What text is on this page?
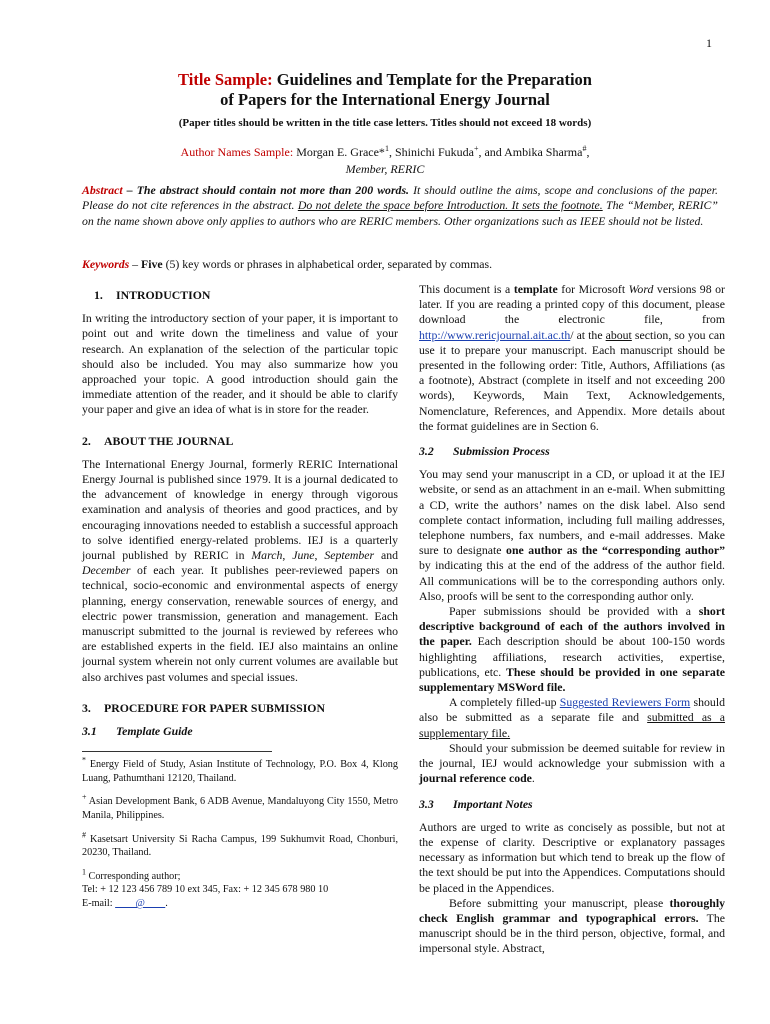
1
Title Sample: Guidelines and Template for the Preparation
of Papers for the International Energy Journal
(Paper titles should be written in the title case letters. Titles should not exceed 18 words)
Author Names Sample: Morgan E. Grace*$^1$, Shinichi Fukuda+, and Ambika Sharma#,
Member, RERIC
Abstract – The abstract should contain not more than 200 words. It should outline the aims, scope and conclusions of the paper. Please do not cite references in the abstract. Do not delete the space before Introduction. It sets the footnote. The “Member, RERIC” on the name shown above only applies to authors who are RERIC members. Other organizations such as IEEE should not be listed.
Keywords – Five (5) key words or phrases in alphabetical order, separated by commas.
1. INTRODUCTION

In writing the introductory section of your paper, it is important to point out and write down the timeliness and value of your research. An explanation of the selection of the particular topic should also be included. You may also summarize how you approached your topic. A good introduction should gain the immediate attention of the reader, and it should be able to clarify your paper and give an idea of what is in store for the reader.

2. ABOUT THE JOURNAL

The International Energy Journal, formerly RERIC International Energy Journal is published since 1979. It is a journal dedicated to the advancement of knowledge in energy through vigorous examination and analysis of theories and good practices, and by encouraging innovations needed to establish a successful approach to solve identified energy-related problems. IEJ is a quarterly journal published by RERIC in March, June, September and December of each year. It publishes peer-reviewed papers on technical, socio-economic and environmental aspects of energy planning, energy conservation, renewable sources of energy, and electric power transmission, generation and management. Each manuscript submitted to the journal is reviewed by referees who are established experts in the field. IEJ also maintains an online journal system wherein not only current volumes are available but also archives past volumes and special issues.

3. PROCEDURE FOR PAPER SUBMISSION
3.1 Template Guide

* Energy Field of Study, Asian Institute of Technology, P.O. Box 4, Klong Luang, Pathumthani 12120, Thailand.

+ Asian Development Bank, 6 ADB Avenue, Mandaluyong City 1550, Metro Manila, Philippines.

# Kasetsart University Si Racha Campus, 199 Sukhumvit Road, Chonburi, 20230, Thailand.

$^1$ Corresponding author;

Tel: + 12 123 456 789 10 ext 345, Fax: + 12 345 678 980 10

E-mail:         @        .

This document is a template for Microsoft Word versions 98 or later. If you are reading a printed copy of this document, please download the electronic file, from http://www.rericjournal.ait.ac.th/ at the about section, so you can use it to prepare your manuscript. Each manuscript should be presented in the following order: Title, Authors, Affiliations (as a footnote), Abstract (complete in itself and not exceeding 200 words), Keywords, Main Text, Acknowledgements, Nomenclature, References, and Appendix. More details about the format guidelines are in Section 6.

3.2 Submission Process

You may send your manuscript in a CD, or upload it at the IEJ website, or send as an attachment in an e-mail. When submitting a CD, write the authors’ names on the disk label. Also send complete contact information, including full mailing addresses, telephone numbers, fax numbers, and e-mail addresses. Make sure to designate one author as the “corresponding author” by indicating this at the end of the address of the author field. All communications will be to the corresponding authors only. Also, proofs will be sent to the corresponding author only.

Paper submissions should be provided with a short descriptive background of each of the authors involved in the paper. Each description should be about 100-150 words highlighting affiliations, research activities, expertise, publications, etc. These should be provided in one separate supplementary MSWord file.

A completely filled-up Suggested Reviewers Form should also be submitted as a separate file and submitted as a supplementary file.

Should your submission be deemed suitable for review in the journal, IEJ would acknowledge your submission with a journal reference code.

3.3 Important Notes

Authors are urged to write as concisely as possible, but not at the expense of clarity. Descriptive or explanatory passages necessary as information but which tend to break up the flow of the text should be put into the Appendices. Computations should be placed in the Appendices.

Before submitting your manuscript, please thoroughly check English grammar and typographical errors. The manuscript should be in the third person, objective, formal, and impersonal style. Abstract,
